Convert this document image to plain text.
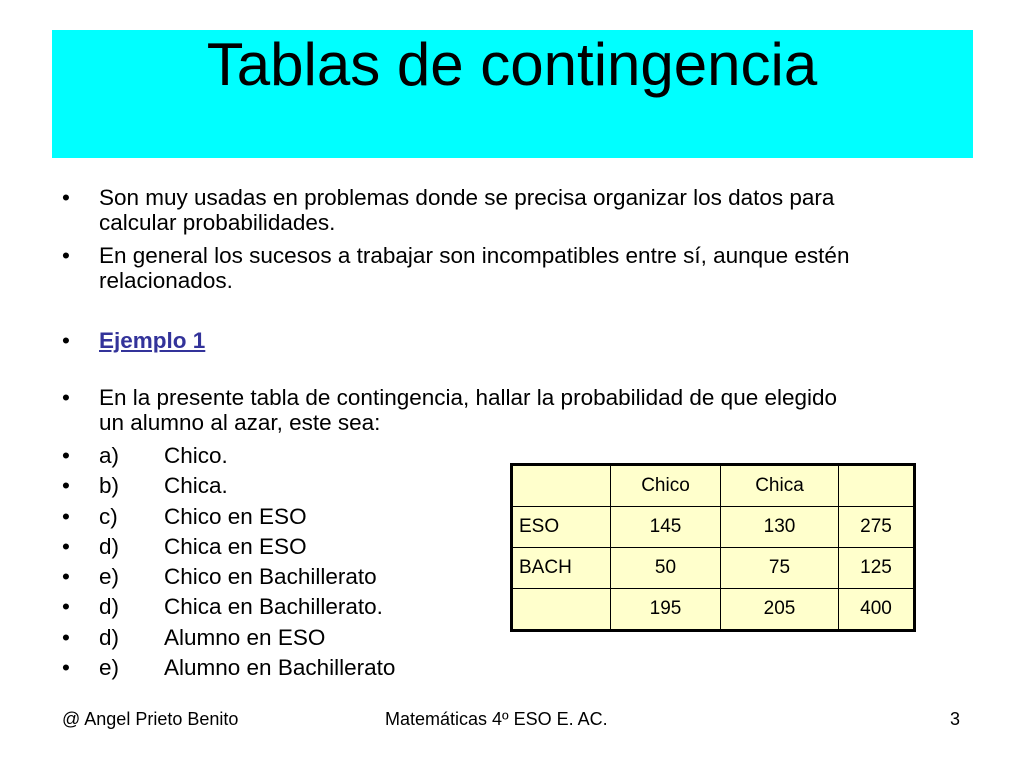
Tablas de contingencia
• Son muy usadas en problemas donde se precisa organizar los datos para
calcular probabilidades.
• En general los sucesos a trabajar son incompatibles entre sí, aunque estén
relacionados.
• Ejemplo 1
• En la presente tabla de contingencia, hallar la probabilidad de que elegido
un alumno al azar, este sea:
• a)	Chico.
• b)	Chica.
• c)	Chico en ESO
• d)	Chica en ESO
• e)	Chico en Bachillerato
• d)	Chica en Bachillerato.
• d)	Alumno en ESO
• e)	Alumno en Bachillerato
	Chico	Chica	
ESO	145	130	275
BACH	50	75	125
	195	205	400
@ Angel Prieto Benito	Matemáticas 4º ESO E. AC.	3
